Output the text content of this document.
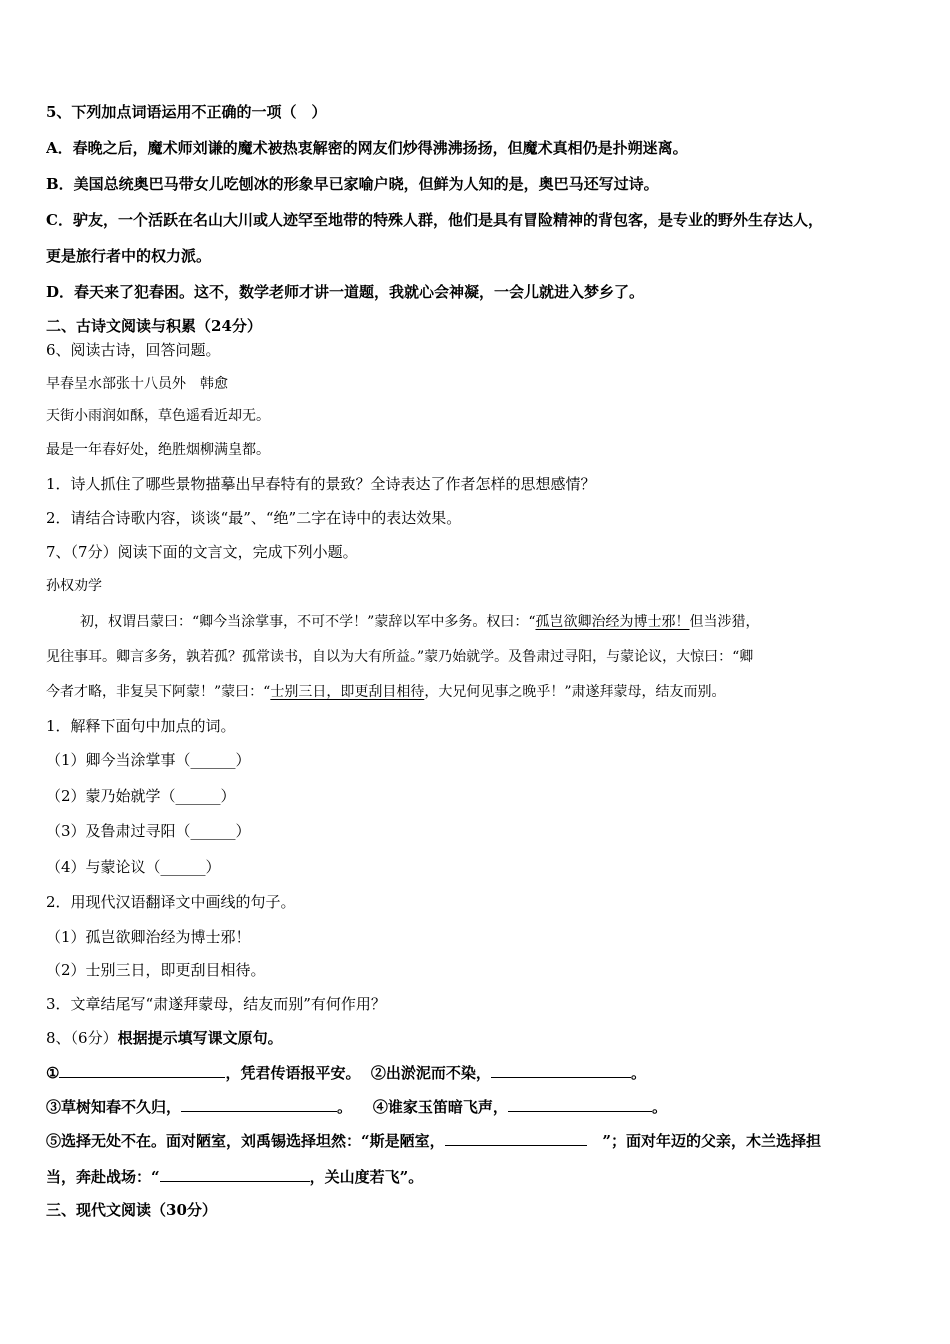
5、下列加点词语运用不正确的一项（　）
A．春晚之后，魔术师刘谦的魔术被热衷解密的网友们炒得沸沸扬扬，但魔术真相仍是扑朔迷离。
B．美国总统奥巴马带女儿吃刨冰的形象早已家喻户晓，但鲜为人知的是，奥巴马还写过诗。
C．驴友，一个活跃在名山大川或人迹罕至地带的特殊人群，他们是具有冒险精神的背包客，是专业的野外生存达人，
更是旅行者中的权力派。
D．春天来了犯春困。这不，数学老师才讲一道题，我就心会神凝，一会儿就进入梦乡了。
二、古诗文阅读与积累（24分）
6、阅读古诗，回答问题。
早春呈水部张十八员外　韩愈
天街小雨润如酥，草色遥看近却无。
最是一年春好处，绝胜烟柳满皇都。
1．诗人抓住了哪些景物描摹出早春特有的景致？全诗表达了作者怎样的思想感情？
2．请结合诗歌内容，谈谈“最”、“绝”二字在诗中的表达效果。
7、（7分）阅读下面的文言文，完成下列小题。
孙权劝学
初，权谓吕蒙曰：“卿今当涂掌事，不可不学！”蒙辞以军中多务。权曰：“孤岂欲卿治经为博士邪！但当涉猎，
见往事耳。卿言多务，孰若孤？孤常读书，自以为大有所益。”蒙乃始就学。及鲁肃过寻阳，与蒙论议，大惊曰：“卿
今者才略，非复吴下阿蒙！”蒙曰：“士别三日，即更刮目相待，大兄何见事之晚乎！”肃遂拜蒙母，结友而别。
1．解释下面句中加点的词。
（1）卿今当涂掌事（______）
（2）蒙乃始就学（______）
（3）及鲁肃过寻阳（______）
（4）与蒙论议（______）
2．用现代汉语翻译文中画线的句子。
（1）孤岂欲卿治经为博士邪！
（2）士别三日，即更刮目相待。
3．文章结尾写“肃遂拜蒙母，结友而别”有何作用？
8、（6分）根据提示填写课文原句。
①	，凭君传语报平安。 ②出淤泥而不染，	。
③草树知春不久归，	。 ④谁家玉笛暗飞声，	。
⑤选择无处不在。面对陋室，刘禹锡选择坦然：“斯是陋室，	”；面对年迈的父亲，木兰选择担
当，奔赴战场：“	，关山度若飞”。
三、现代文阅读（30分）
